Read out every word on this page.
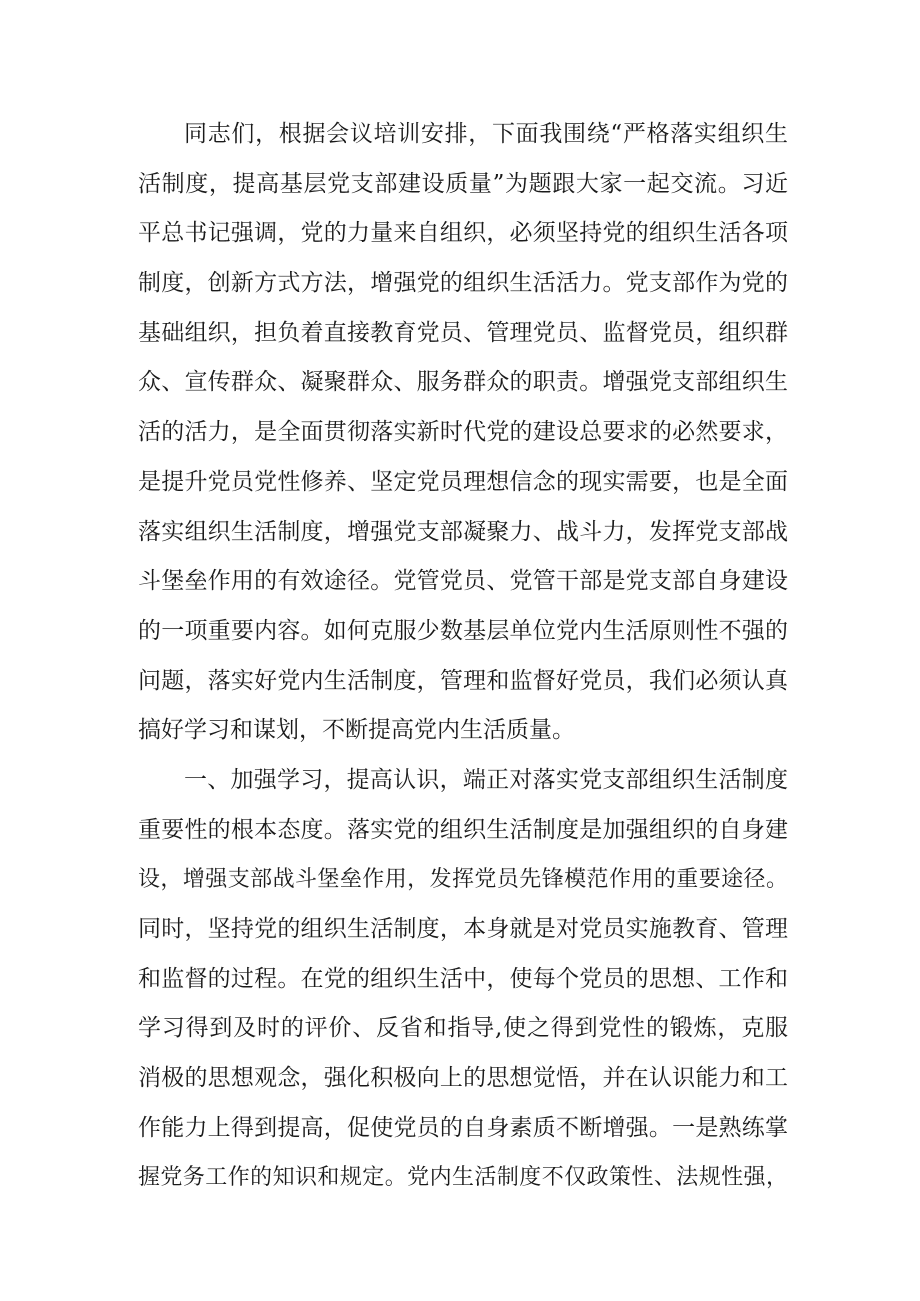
同志们，根据会议培训安排，下面我围绕“严格落实组织生
活制度，提高基层党支部建设质量”为题跟大家一起交流。习近
平总书记强调，党的力量来自组织，必须坚持党的组织生活各项
制度，创新方式方法，增强党的组织生活活力。党支部作为党的
基础组织，担负着直接教育党员、管理党员、监督党员，组织群
众、宣传群众、凝聚群众、服务群众的职责。增强党支部组织生
活的活力，是全面贯彻落实新时代党的建设总要求的必然要求，
是提升党员党性修养、坚定党员理想信念的现实需要，也是全面
落实组织生活制度，增强党支部凝聚力、战斗力，发挥党支部战
斗堡垒作用的有效途径。党管党员、党管干部是党支部自身建设
的一项重要内容。如何克服少数基层单位党内生活原则性不强的
问题，落实好党内生活制度，管理和监督好党员，我们必须认真
搞好学习和谋划，不断提高党内生活质量。
一、加强学习，提高认识，端正对落实党支部组织生活制度
重要性的根本态度。落实党的组织生活制度是加强组织的自身建
设，增强支部战斗堡垒作用，发挥党员先锋模范作用的重要途径。
同时，坚持党的组织生活制度，本身就是对党员实施教育、管理
和监督的过程。在党的组织生活中，使每个党员的思想、工作和
学习得到及时的评价、反省和指导,使之得到党性的锻炼，克服
消极的思想观念，强化积极向上的思想觉悟，并在认识能力和工
作能力上得到提高，促使党员的自身素质不断增强。一是熟练掌
握党务工作的知识和规定。党内生活制度不仅政策性、法规性强，
